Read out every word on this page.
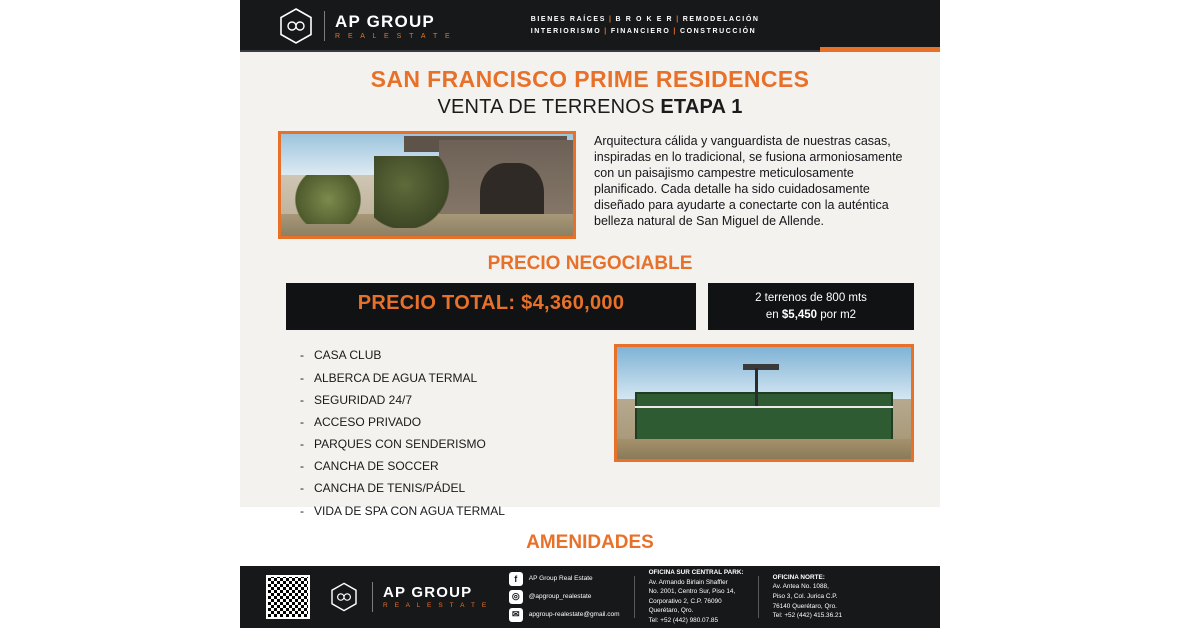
AP GROUP
R E A L E S T A T E
BIENES RAÍCES | B R O K E R | REMODELACIÓN
INTERIORISMO | FINANCIERO | CONSTRUCCIÓN
SAN FRANCISCO PRIME RESIDENCES
VENTA DE TERRENOS ETAPA 1
Arquitectura cálida y vanguardista de nuestras casas, inspiradas en lo tradicional, se fusiona armoniosamente con un paisajismo campestre meticulosamente planificado. Cada detalle ha sido cuidadosamente diseñado para ayudarte a conectarte con la auténtica belleza natural de San Miguel de Allende.
PRECIO NEGOCIABLE
PRECIO TOTAL: $4,360,000	2 terrenos de 800 mts
en $5,450 por m2
- CASA CLUB
- ALBERCA DE AGUA TERMAL
- SEGURIDAD 24/7
- ACCESO PRIVADO
- PARQUES CON SENDERISMO
- CANCHA DE SOCCER
- CANCHA DE TENIS/PÁDEL
- VIDA DE SPA CON AGUA TERMAL
AMENIDADES
AP GROUP
R E A L E S T A T E
f	AP Group Real Estate
◎	@apgroup_realestate
✉	apgroup-realestate@gmail.com
OFICINA SUR CENTRAL PARK:
Av. Armando Birlain Shaffler
No. 2001, Centro Sur, Piso 14,
Corporativo 2, C.P. 76090
Querétaro, Qro.
Tel: +52 (442) 980.07.85
OFICINA NORTE:
Av. Antea No. 1088,
Piso 3, Col. Jurica C.P.
76140 Querétaro, Qro.
Tel: +52 (442) 415.36.21
